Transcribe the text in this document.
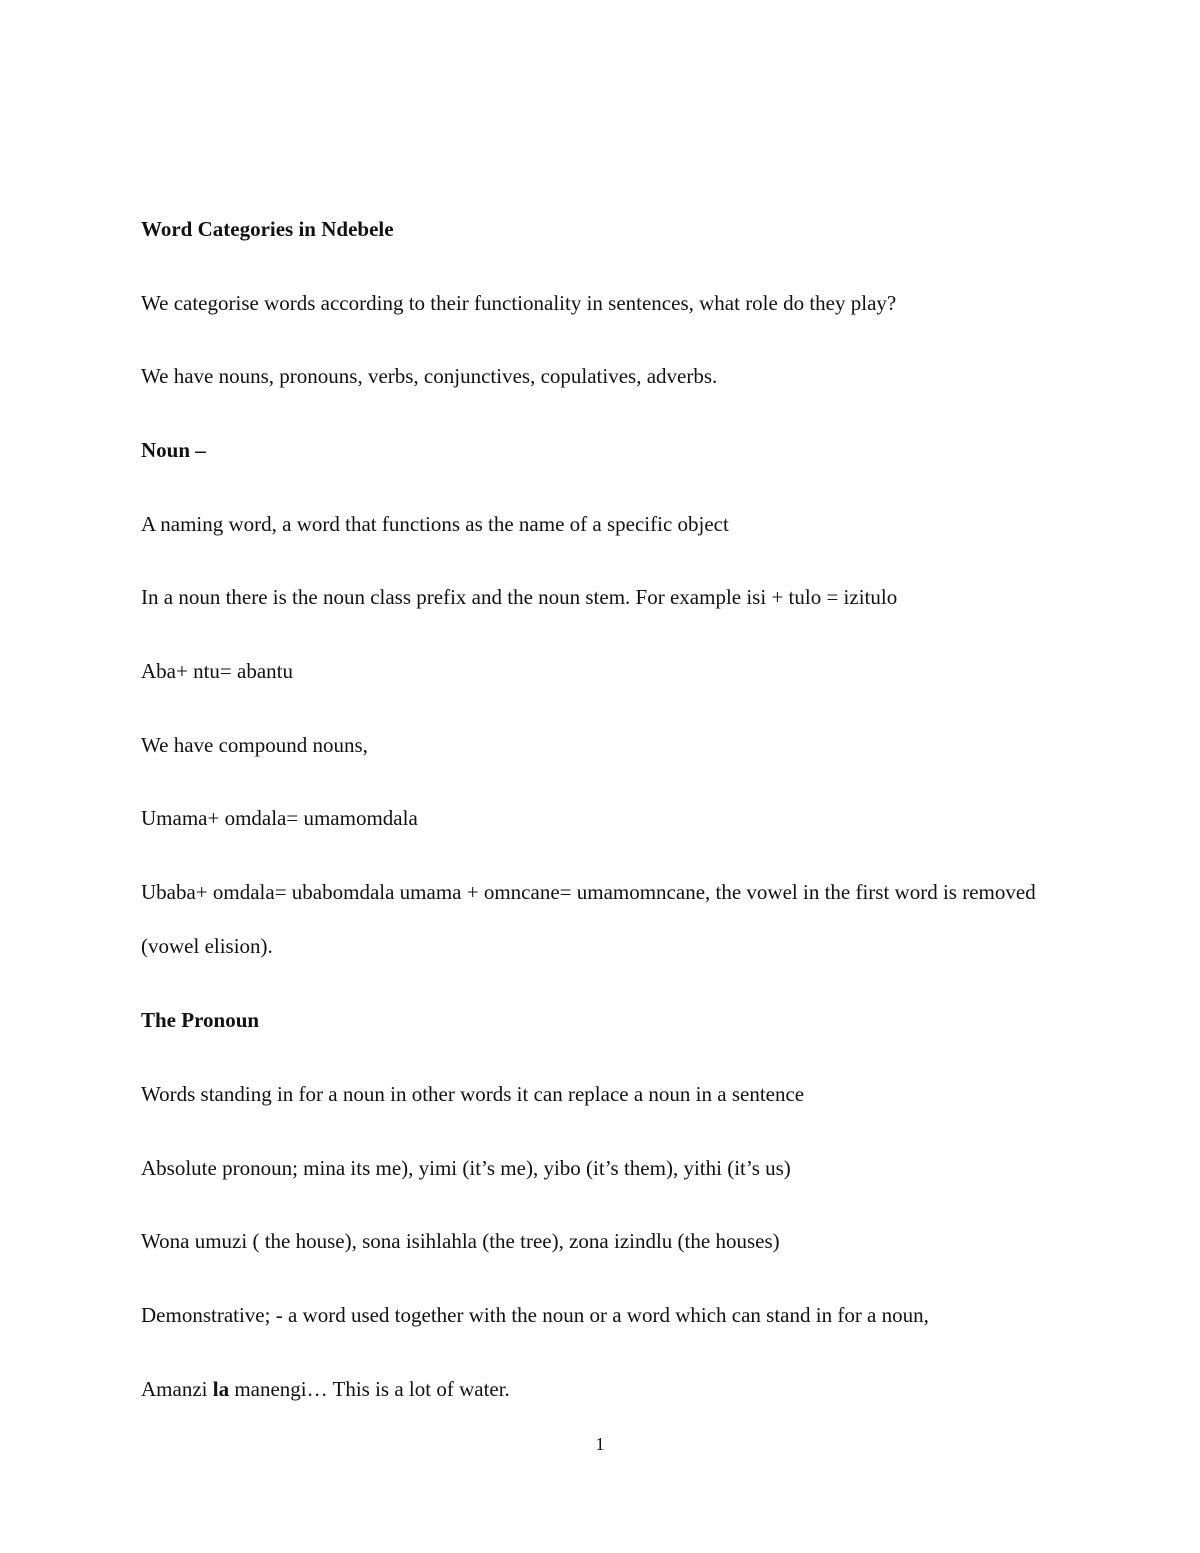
Word Categories in Ndebele
We categorise words according to their functionality in sentences, what role do they play?
We have nouns, pronouns, verbs, conjunctives, copulatives, adverbs.
Noun –
A naming word, a word that functions as the name of a specific object
In a noun there is the noun class prefix and the noun stem. For example isi + tulo = izitulo
Aba+ ntu= abantu
We have compound nouns,
Umama+ omdala= umamomdala
Ubaba+ omdala= ubabomdala umama + omncane= umamomncane, the vowel in the first word is removed (vowel elision).
The Pronoun
Words standing in for a noun in other words it can replace a noun in a sentence
Absolute pronoun; mina its me), yimi (it’s me), yibo (it’s them), yithi (it’s us)
Wona umuzi ( the house), sona isihlahla (the tree), zona izindlu (the houses)
Demonstrative; - a word used together with the noun or a word which can stand in for a noun,
Amanzi la manengi… This is a lot of water.
1
